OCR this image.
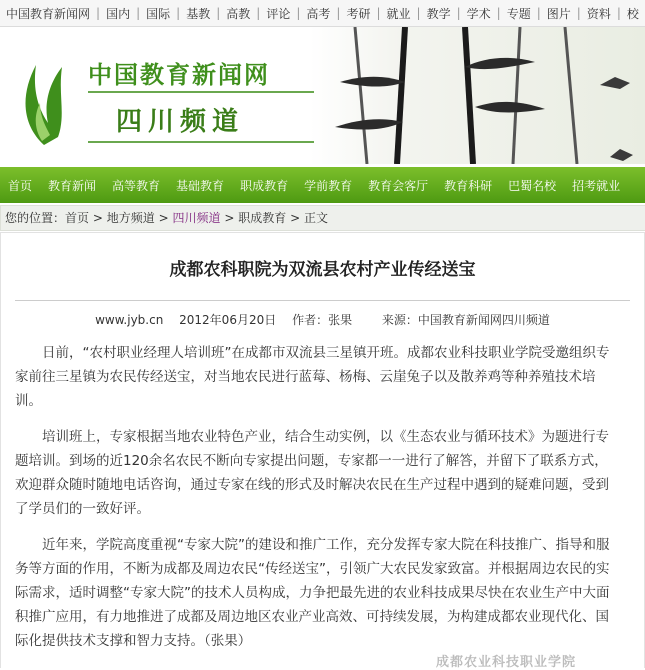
中国教育新闻网 | 国内 | 国际 | 基教 | 高教 | 评论 | 高考 | 考研 | 就业 | 教学 | 学术 | 专题 | 图片 | 资料 | 校
中国教育新闻网
四川频道
首页	教育新闻	高等教育	基础教育	职成教育	学前教育	教育会客厅	教育科研	巴蜀名校	招考就业
您的位置：首页 > 地方频道 > 四川频道 > 职成教育 > 正文
成都农科职院为双流县农村产业传经送宝
www.jyb.cn 2012年06月20日 作者：张果 来源：中国教育新闻网四川频道

日前，“农村职业经理人培训班”在成都市双流县三星镇开班。成都农业科技职业学院受邀组织专家前往三星镇为农民传经送宝，对当地农民进行蓝莓、杨梅、云崖兔子以及散养鸡等种养殖技术培训。

培训班上，专家根据当地农业特色产业，结合生动实例，以《生态农业与循环技术》为题进行专题培训。到场的近120余名农民不断向专家提出问题，专家都一一进行了解答，并留下了联系方式，欢迎群众随时随地电话咨询，通过专家在线的形式及时解决农民在生产过程中遇到的疑难问题，受到了学员们的一致好评。

近年来，学院高度重视“专家大院”的建设和推广工作，充分发挥专家大院在科技推广、指导和服务等方面的作用，不断为成都及周边农民“传经送宝”，引领广大农民发家致富。并根据周边农民的实际需求，适时调整“专家大院”的技术人员构成，力争把最先进的农业科技成果尽快在农业生产中大面积推广应用，有力地推进了成都及周边地区农业产业高效、可持续发展，为构建成都农业现代化、国际化提供技术支撑和智力支持。（张果）

成都农业科技职业学院
